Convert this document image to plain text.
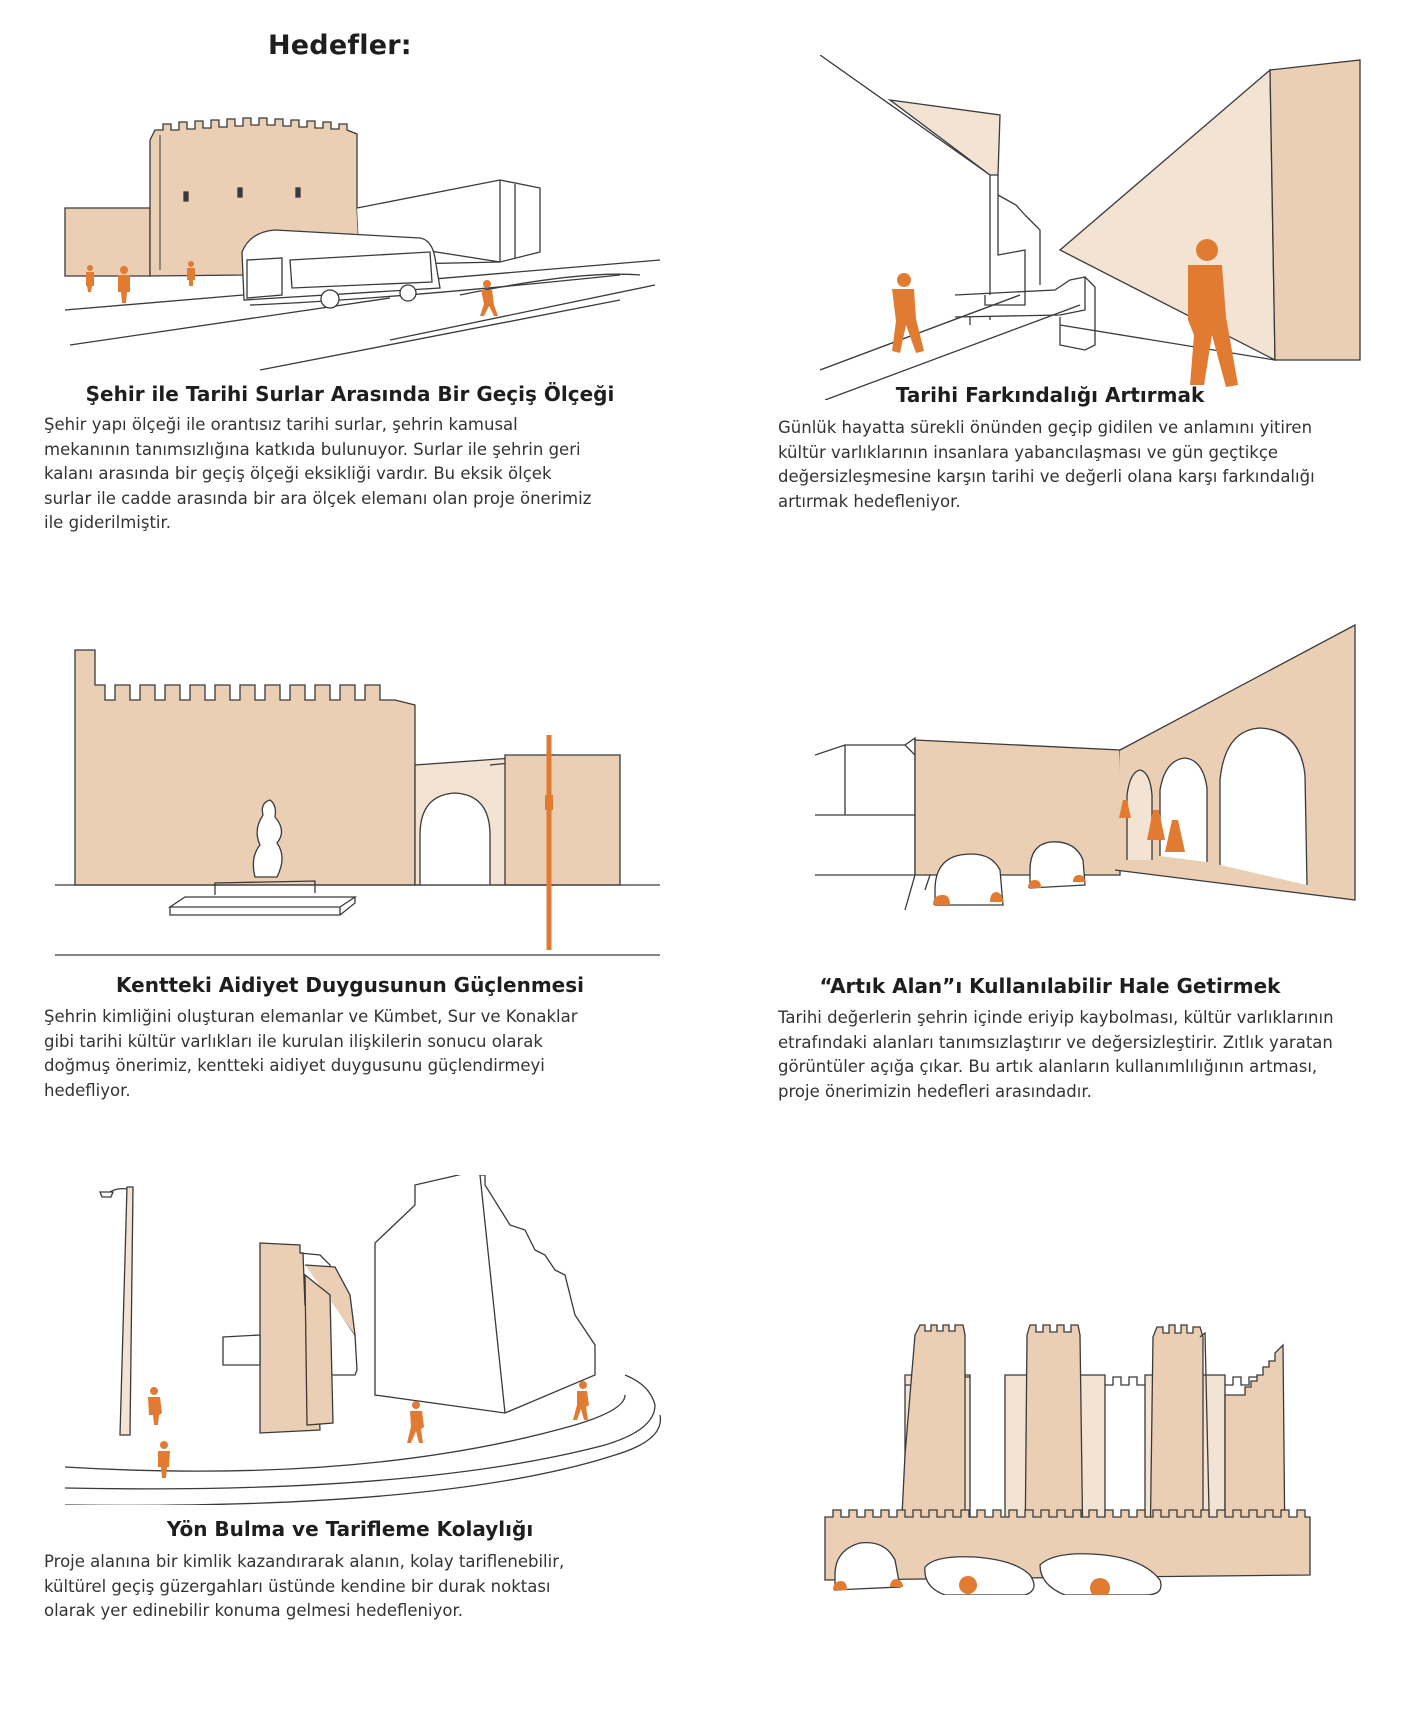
Hedefler:
Şehir ile Tarihi Surlar Arasında Bir Geçiş Ölçeği
Şehir yapı ölçeği ile orantısız tarihi surlar, şehrin kamusal
mekanının tanımsızlığına katkıda bulunuyor. Surlar ile şehrin geri
kalanı arasında bir geçiş ölçeği eksikliği vardır. Bu eksik ölçek
surlar ile cadde arasında bir ara ölçek elemanı olan proje önerimiz
ile giderilmiştir.
Tarihi Farkındalığı Artırmak
Günlük hayatta sürekli önünden geçip gidilen ve anlamını yitiren
kültür varlıklarının insanlara yabancılaşması ve gün geçtikçe
değersizleşmesine karşın tarihi ve değerli olana karşı farkındalığı
artırmak hedefleniyor.
Kentteki Aidiyet Duygusunun Güçlenmesi
Şehrin kimliğini oluşturan elemanlar ve Kümbet, Sur ve Konaklar
gibi tarihi kültür varlıkları ile kurulan ilişkilerin sonucu olarak
doğmuş önerimiz, kentteki aidiyet duygusunu güçlendirmeyi
hedefliyor.
“Artık Alan”ı Kullanılabilir Hale Getirmek
Tarihi değerlerin şehrin içinde eriyip kaybolması, kültür varlıklarının
etrafındaki alanları tanımsızlaştırır ve değersizleştirir. Zıtlık yaratan
görüntüler açığa çıkar. Bu artık alanların kullanımlılığının artması,
proje önerimizin hedefleri arasındadır.
Yön Bulma ve Tarifleme Kolaylığı
Proje alanına bir kimlik kazandırarak alanın, kolay tariflenebilir,
kültürel geçiş güzergahları üstünde kendine bir durak noktası
olarak yer edinebilir konuma gelmesi hedefleniyor.
